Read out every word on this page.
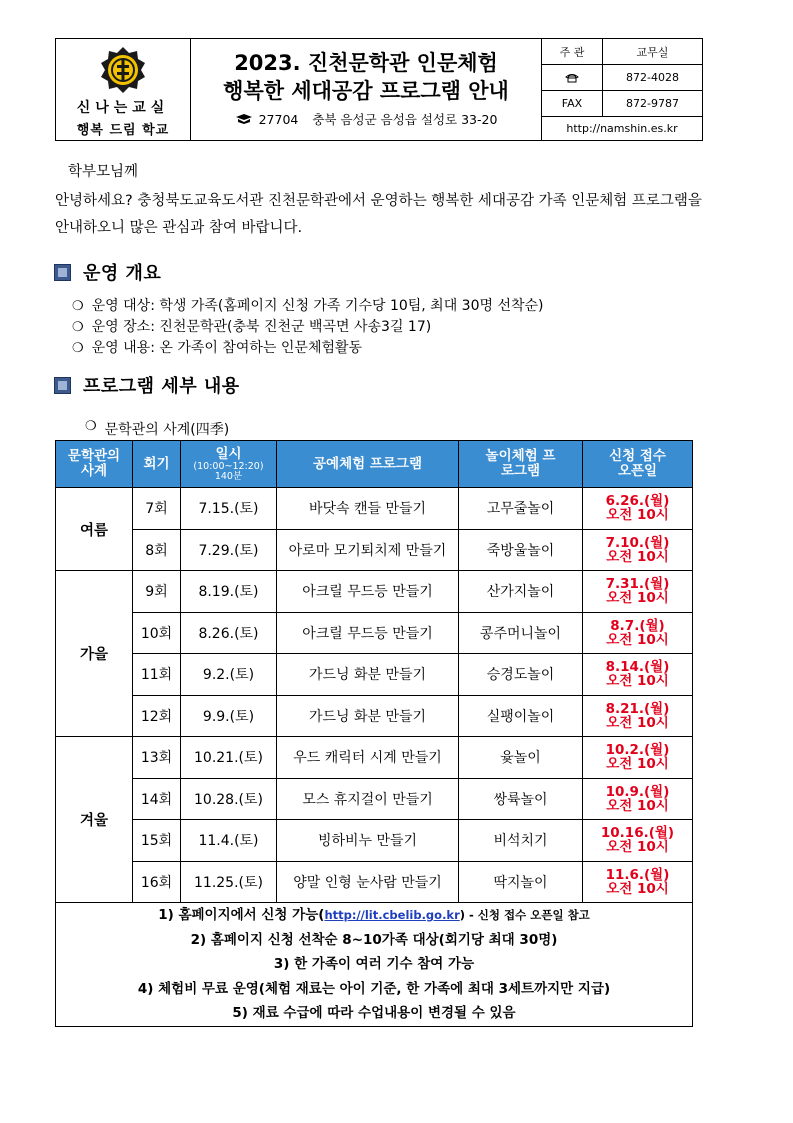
신나는교실
행복 드림 학교
2023. 진천문학관 인문체험
행복한 세대공감 프로그램 안내
27704 충북 음성군 음성읍 설성로 33-20
주 관	교무실
872-4028
FAX	872-9787
http://namshin.es.kr
학부모님께
안녕하세요? 충청북도교육도서관 진천문학관에서 운영하는 행복한 세대공감 가족 인문체험 프로그램을 안내하오니 많은 관심과 참여 바랍니다.
운영 개요
❍ 운영 대상: 학생 가족(홈페이지 신청 가족 기수당 10팀, 최대 30명 선착순)
❍ 운영 장소: 진천문학관(충북 진천군 백곡면 사송3길 17)
❍ 운영 내용: 온 가족이 참여하는 인문체험활동
프로그램 세부 내용
❍ 문학관의 사계(四季)
문학관의 사계	회기	일시
(10:00~12:20)
140분	공예체험 프로그램	놀이체험 프로그램	신청 접수 오픈일
여름	7회	7.15.(토)	바닷속 캔들 만들기	고무줄놀이	6.26.(월)
오전 10시
	8회	7.29.(토)	아로마 모기퇴치제 만들기	죽방울놀이	7.10.(월)
오전 10시
가을	9회	8.19.(토)	아크릴 무드등 만들기	산가지놀이	7.31.(월)
오전 10시
	10회	8.26.(토)	아크릴 무드등 만들기	콩주머니놀이	8.7.(월)
오전 10시
	11회	9.2.(토)	가드닝 화분 만들기	승경도놀이	8.14.(월)
오전 10시
	12회	9.9.(토)	가드닝 화분 만들기	실팽이놀이	8.21.(월)
오전 10시
겨울	13회	10.21.(토)	우드 캐릭터 시계 만들기	윷놀이	10.2.(월)
오전 10시
	14회	10.28.(토)	모스 휴지걸이 만들기	쌍륙놀이	10.9.(월)
오전 10시
	15회	11.4.(토)	빙하비누 만들기	비석치기	10.16.(월)
오전 10시
	16회	11.25.(토)	양말 인형 눈사람 만들기	딱지놀이	11.6.(월)
오전 10시

1) 홈페이지에서 신청 가능(http://lit.cbelib.go.kr) - 신청 접수 오픈일 참고
2) 홈페이지 신청 선착순 8~10가족 대상(회기당 최대 30명)
3) 한 가족이 여러 기수 참여 가능
4) 체험비 무료 운영(체험 재료는 아이 기준, 한 가족에 최대 3세트까지만 지급)
5) 재료 수급에 따라 수업내용이 변경될 수 있음					
